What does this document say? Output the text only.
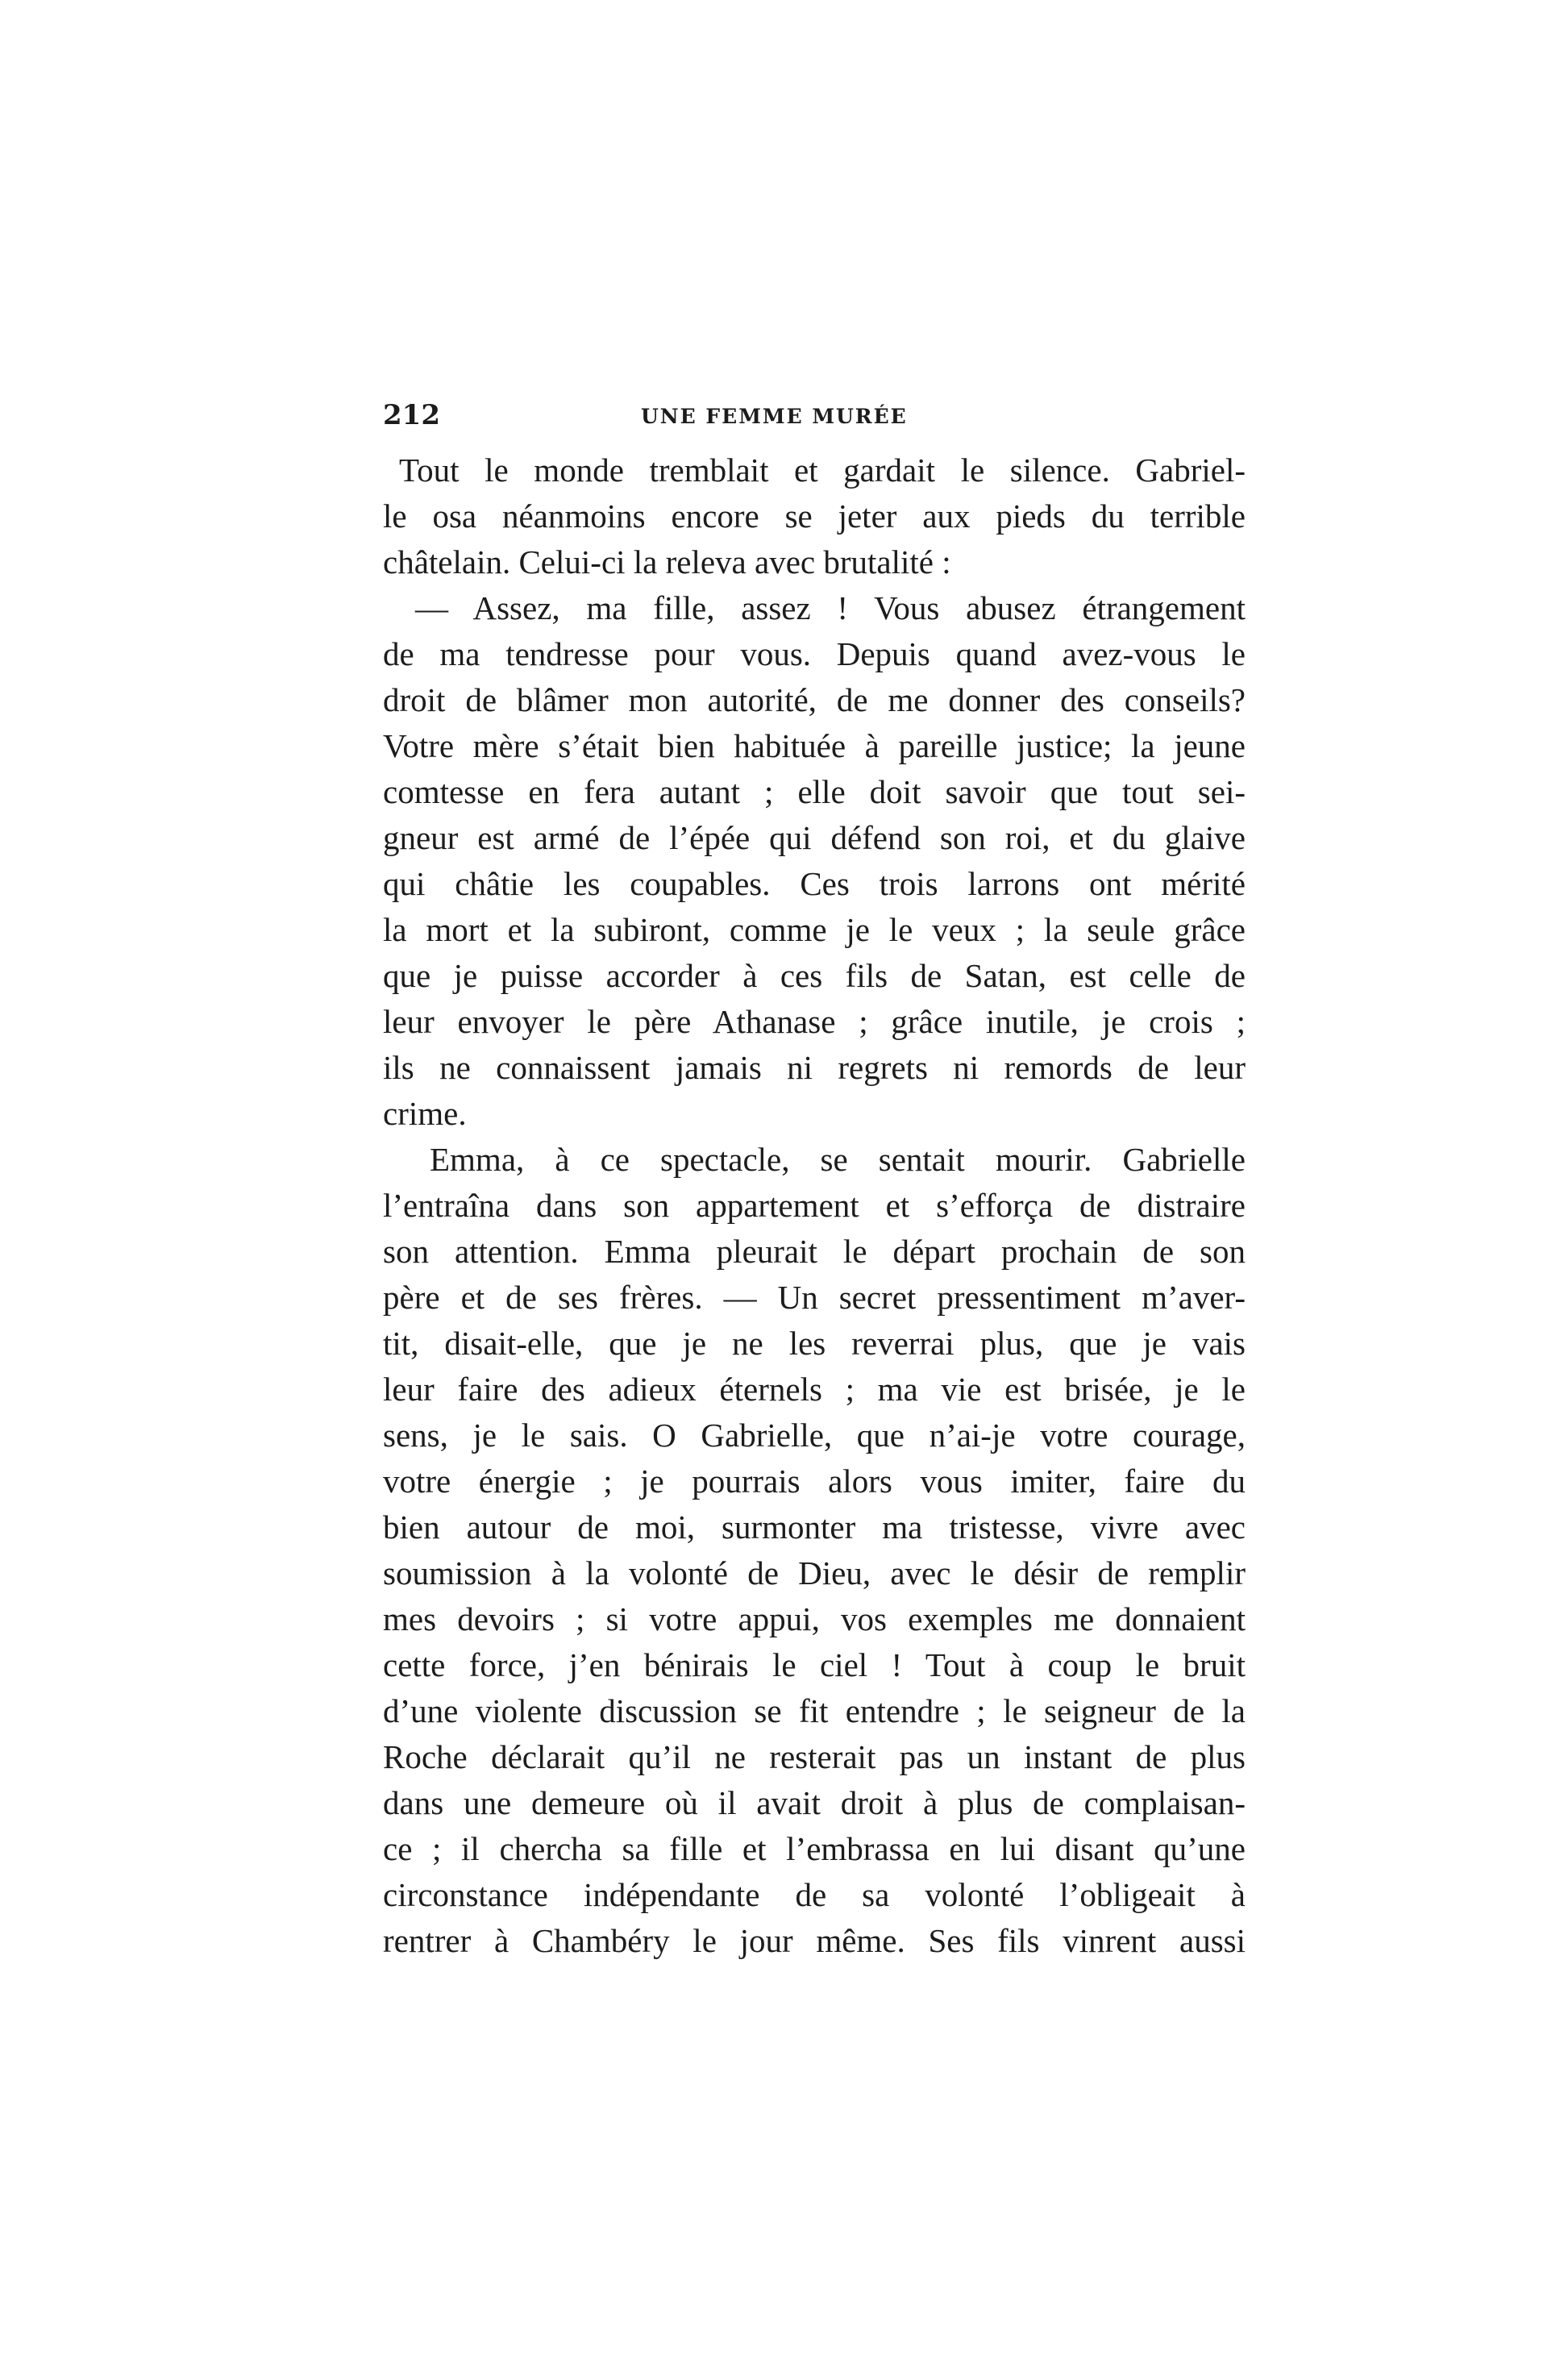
212	UNE FEMME MURÉE
Tout le monde tremblait et gardait le silence. Gabriel-
le osa néanmoins encore se jeter aux pieds du terrible
châtelain. Celui-ci la releva avec brutalité :
— Assez, ma fille, assez ! Vous abusez étrangement
de ma tendresse pour vous. Depuis quand avez-vous le
droit de blâmer mon autorité, de me donner des conseils?
Votre mère s’était bien habituée à pareille justice; la jeune
comtesse en fera autant ; elle doit savoir que tout sei-
gneur est armé de l’épée qui défend son roi, et du glaive
qui châtie les coupables. Ces trois larrons ont mérité
la mort et la subiront, comme je le veux ; la seule grâce
que je puisse accorder à ces fils de Satan, est celle de
leur envoyer le père Athanase ; grâce inutile, je crois ;
ils ne connaissent jamais ni regrets ni remords de leur
crime.
Emma, à ce spectacle, se sentait mourir. Gabrielle
l’entraîna dans son appartement et s’efforça de distraire
son attention. Emma pleurait le départ prochain de son
père et de ses frères. — Un secret pressentiment m’aver-
tit, disait-elle, que je ne les reverrai plus, que je vais
leur faire des adieux éternels ; ma vie est brisée, je le
sens, je le sais. O Gabrielle, que n’ai-je votre courage,
votre énergie ; je pourrais alors vous imiter, faire du
bien autour de moi, surmonter ma tristesse, vivre avec
soumission à la volonté de Dieu, avec le désir de remplir
mes devoirs ; si votre appui, vos exemples me donnaient
cette force, j’en bénirais le ciel ! Tout à coup le bruit
d’une violente discussion se fit entendre ; le seigneur de la
Roche déclarait qu’il ne resterait pas un instant de plus
dans une demeure où il avait droit à plus de complaisan-
ce ; il chercha sa fille et l’embrassa en lui disant qu’une
circonstance indépendante de sa volonté l’obligeait à
rentrer à Chambéry le jour même. Ses fils vinrent aussi
